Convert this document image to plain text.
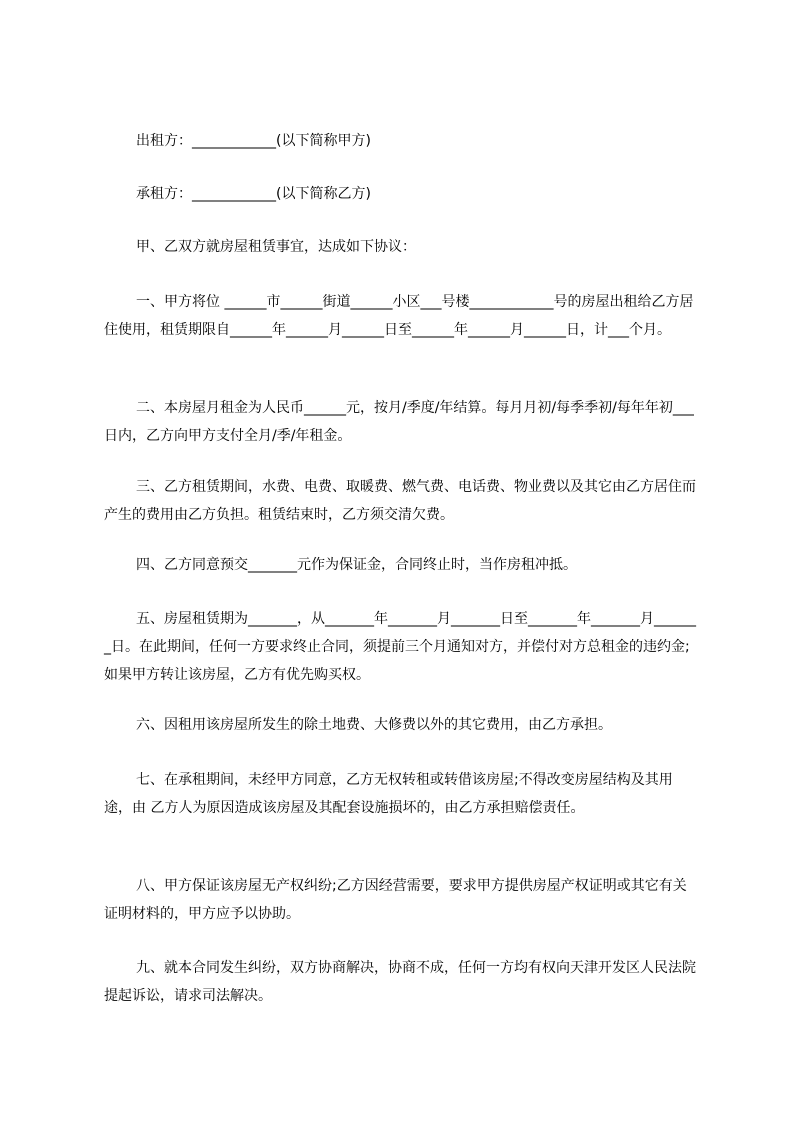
出租方：____________(以下简称甲方)

承租方：____________(以下简称乙方)

甲、乙双方就房屋租赁事宜，达成如下协议：

一、甲方将位 ______市______街道______小区___号楼____________号的房屋出租给乙方居住使用，租赁期限自______年______月______日至______年______月______日，计___个月。

二、本房屋月租金为人民币______元，按月/季度/年结算。每月月初/每季季初/每年年初___日内，乙方向甲方支付全月/季/年租金。

三、乙方租赁期间，水费、电费、取暖费、燃气费、电话费、物业费以及其它由乙方居住而产生的费用由乙方负担。租赁结束时，乙方须交清欠费。

四、乙方同意预交_______元作为保证金，合同终止时，当作房租冲抵。

五、房屋租赁期为_______，从_______年_______月_______日至_______年_______月_______日。在此期间，任何一方要求终止合同，须提前三个月通知对方，并偿付对方总租金的违约金;如果甲方转让该房屋，乙方有优先购买权。

六、因租用该房屋所发生的除土地费、大修费以外的其它费用，由乙方承担。

七、在承租期间，未经甲方同意，乙方无权转租或转借该房屋;不得改变房屋结构及其用途，由 乙方人为原因造成该房屋及其配套设施损坏的，由乙方承担赔偿责任。

八、甲方保证该房屋无产权纠纷;乙方因经营需要，要求甲方提供房屋产权证明或其它有关证明材料的，甲方应予以协助。

九、就本合同发生纠纷，双方协商解决，协商不成，任何一方均有权向天津开发区人民法院提起诉讼，请求司法解决。
